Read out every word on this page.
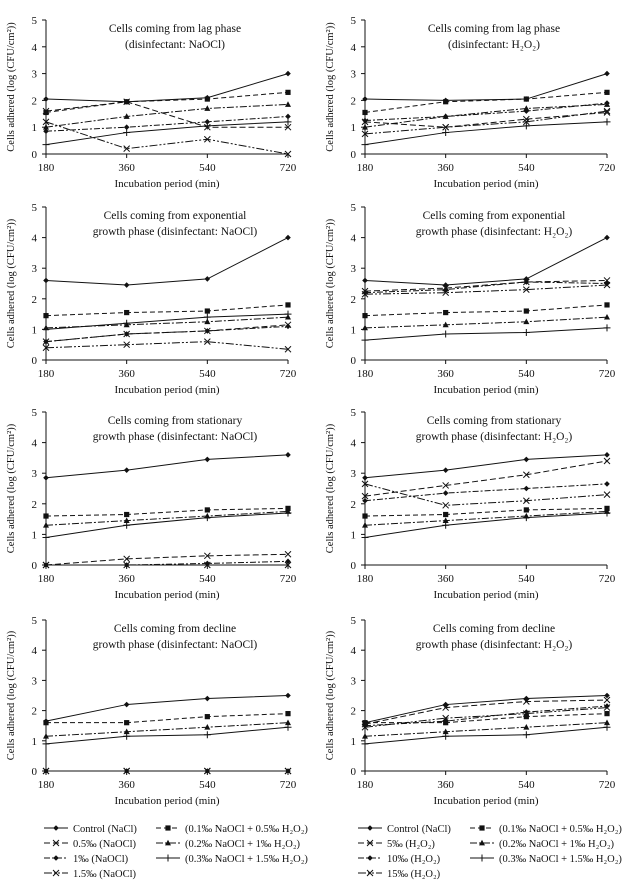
0
1
2
3
4
5
180	360	540	720
Incubation period (min)
Cells adhered (log (CFU/cm²))	Cells coming from lag phase
(disinfectant: NaOCl)
0
1
2
3
4
5
180	360	540	720
Incubation period (min)
Cells adhered (log (CFU/cm²))	Cells coming from lag phase
(disinfectant: H₂O₂)
0
1
2
3
4
5
180	360	540	720
Incubation period (min)
Cells adhered (log (CFU/cm²))
Cells coming from exponential
growth phase (disinfectant: NaOCl)
0
1
2
3
4
5
180	360	540	720
Incubation period (min)
Cells adhered (log (CFU/cm²))
Cells coming from exponential
growth phase (disinfectant: H₂O₂)
0
1
2
3
4
5
180	360	540	720
Incubation period (min)
Cells adhered (log (CFU/cm²))
Cells coming from stationary
growth phase (disinfectant: NaOCl)
0
1
2
3
4
5
180	360	540	720
Incubation period (min)
Cells adhered (log (CFU/cm²))
Cells coming from stationary
growth phase (disinfectant: H₂O₂)
0
1
2
3
4
5
180	360	540	720
Incubation period (min)
Cells adhered (log (CFU/cm²))
Cells coming from decline
growth phase (disinfectant: NaOCl)
0
1
2
3
4
5
180	360	540	720
Incubation period (min)
Cells adhered (log (CFU/cm²))
Cells coming from decline
growth phase (disinfectant: H₂O₂)
Control (NaCl)	(0.1‰ NaOCl + 0.5‰ H₂O₂)
0.5‰ (NaOCl)	(0.2‰ NaOCl + 1‰ H₂O₂)
1‰ (NaOCl)	(0.3‰ NaOCl + 1.5‰ H₂O₂)
1.5‰ (NaOCl)
Control (NaCl)	(0.1‰ NaOCl + 0.5‰ H₂O₂)
5‰ (H₂O₂)	(0.2‰ NaOCl + 1‰ H₂O₂)
10‰ (H₂O₂)	(0.3‰ NaOCl + 1.5‰ H₂O₂)
15‰ (H₂O₂)
